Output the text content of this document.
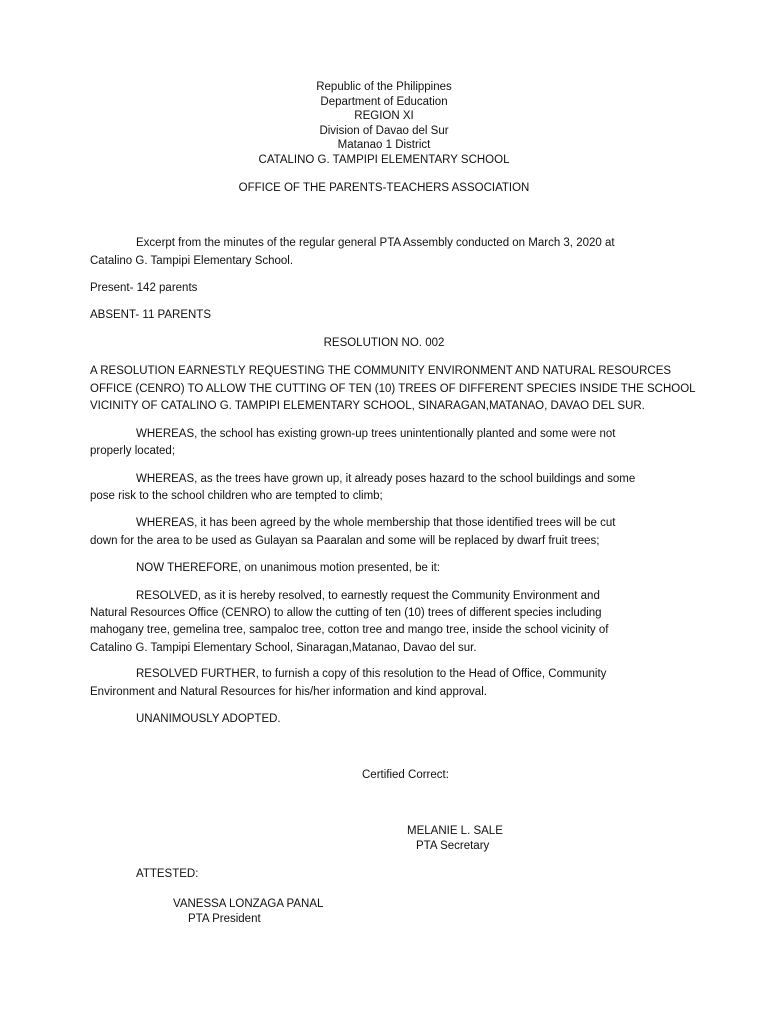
Republic of the Philippines
Department of Education
REGION XI
Division of Davao del Sur
Matanao 1 District
CATALINO G. TAMPIPI ELEMENTARY SCHOOL
OFFICE OF THE PARENTS-TEACHERS ASSOCIATION
Excerpt from the minutes of the regular general PTA Assembly conducted on March 3, 2020 at
Catalino G. Tampipi Elementary School.
Present- 142 parents
ABSENT- 11 PARENTS
RESOLUTION NO. 002
A RESOLUTION EARNESTLY REQUESTING THE COMMUNITY ENVIRONMENT AND NATURAL RESOURCES
OFFICE (CENRO) TO ALLOW THE CUTTING OF TEN (10) TREES OF DIFFERENT SPECIES INSIDE THE SCHOOL
VICINITY OF CATALINO G. TAMPIPI ELEMENTARY SCHOOL, SINARAGAN,MATANAO, DAVAO DEL SUR.
WHEREAS, the school has existing grown-up trees unintentionally planted and some were not
properly located;
WHEREAS, as the trees have grown up, it already poses hazard to the school buildings and some
pose risk to the school children who are tempted to climb;
WHEREAS, it has been agreed by the whole membership that those identified trees will be cut
down for the area to be used as Gulayan sa Paaralan and some will be replaced by dwarf fruit trees;
NOW THEREFORE, on unanimous motion presented, be it:
RESOLVED, as it is hereby resolved, to earnestly request the Community Environment and
Natural Resources Office (CENRO) to allow the cutting of ten (10) trees of different species including
mahogany tree, gemelina tree, sampaloc tree, cotton tree and mango tree, inside the school vicinity of
Catalino G. Tampipi Elementary School, Sinaragan,Matanao, Davao del sur.
RESOLVED FURTHER, to furnish a copy of this resolution to the Head of Office, Community
Environment and Natural Resources for his/her information and kind approval.
UNANIMOUSLY ADOPTED.
Certified Correct:
MELANIE L. SALE
PTA Secretary
ATTESTED:
VANESSA LONZAGA PANAL
PTA President
